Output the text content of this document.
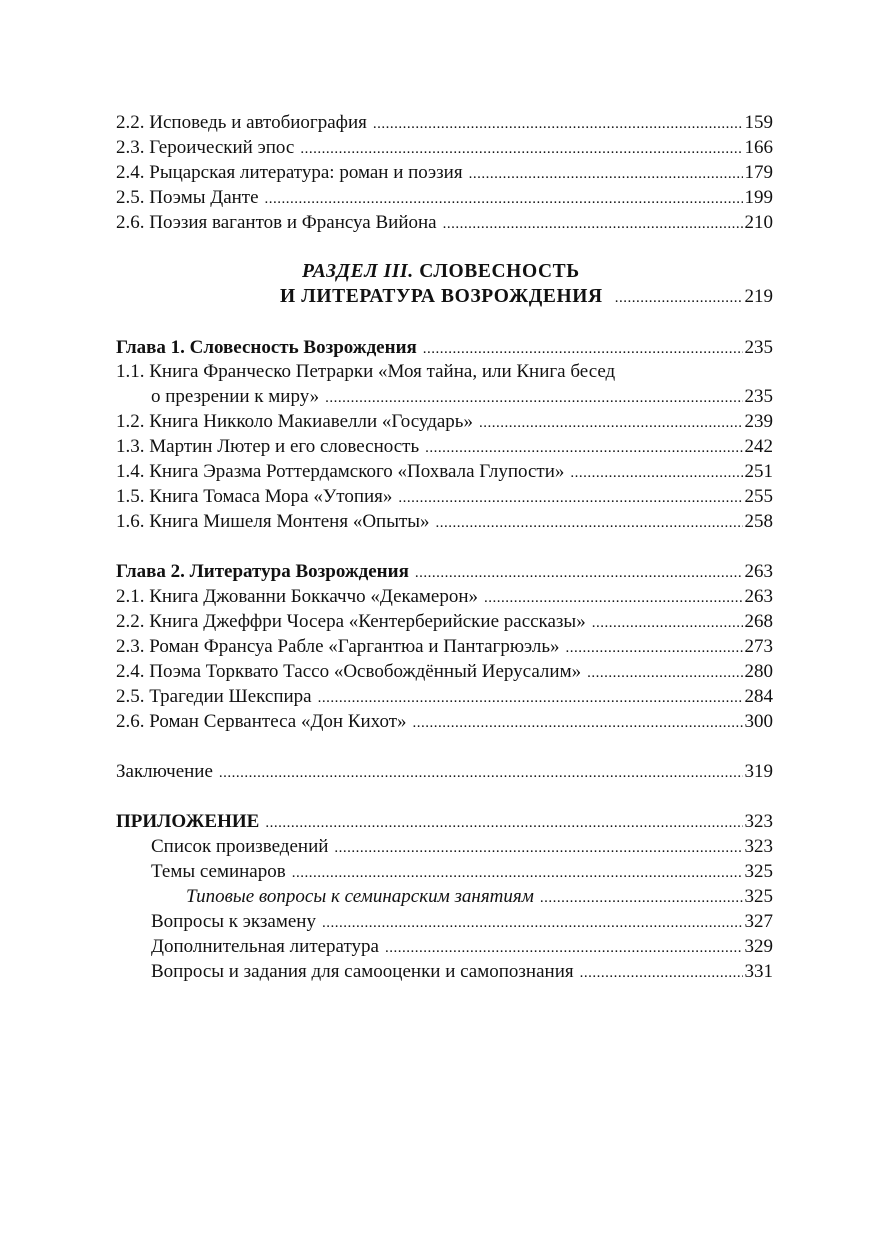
2.2. Исповедь и автобиография .....	159
2.3. Героический эпос .....	166
2.4. Рыцарская литература: роман и поэзия .....	179
2.5. Поэмы Данте .....	199
2.6. Поэзия вагантов и Франсуа Вийона .....	210
РАЗДЕЛ III. СЛОВЕСНОСТЬ
И ЛИТЕРАТУРА ВОЗРОЖДЕНИЯ .....	219
Глава 1. Словесность Возрождения .....	235
1.1. Книга Франческо Петрарки «Моя тайна, или Книга бесед
о презрении к миру» .....	235
1.2. Книга Никколо Макиавелли «Государь» .....	239
1.3. Мартин Лютер и его словесность .....	242
1.4. Книга Эразма Роттердамского «Похвала Глупости» .....	251
1.5. Книга Томаса Мора «Утопия» .....	255
1.6. Книга Мишеля Монтеня «Опыты» .....	258
Глава 2. Литература Возрождения .....	263
2.1. Книга Джованни Боккаччо «Декамерон» .....	263
2.2. Книга Джеффри Чосера «Кентерберийские рассказы» .....	268
2.3. Роман Франсуа Рабле «Гаргантюа и Пантагрюэль» .....	273
2.4. Поэма Торквато Тассо «Освобождённый Иерусалим» .....	280
2.5. Трагедии Шекспира .....	284
2.6. Роман Сервантеса «Дон Кихот» .....	300
Заключение .....	319
ПРИЛОЖЕНИЕ .....	323
Список произведений .....	323
Темы семинаров .....	325
Типовые вопросы к семинарским занятиям .....	325
Вопросы к экзамену .....	327
Дополнительная литература .....	329
Вопросы и задания для самооценки и самопознания .....	331
